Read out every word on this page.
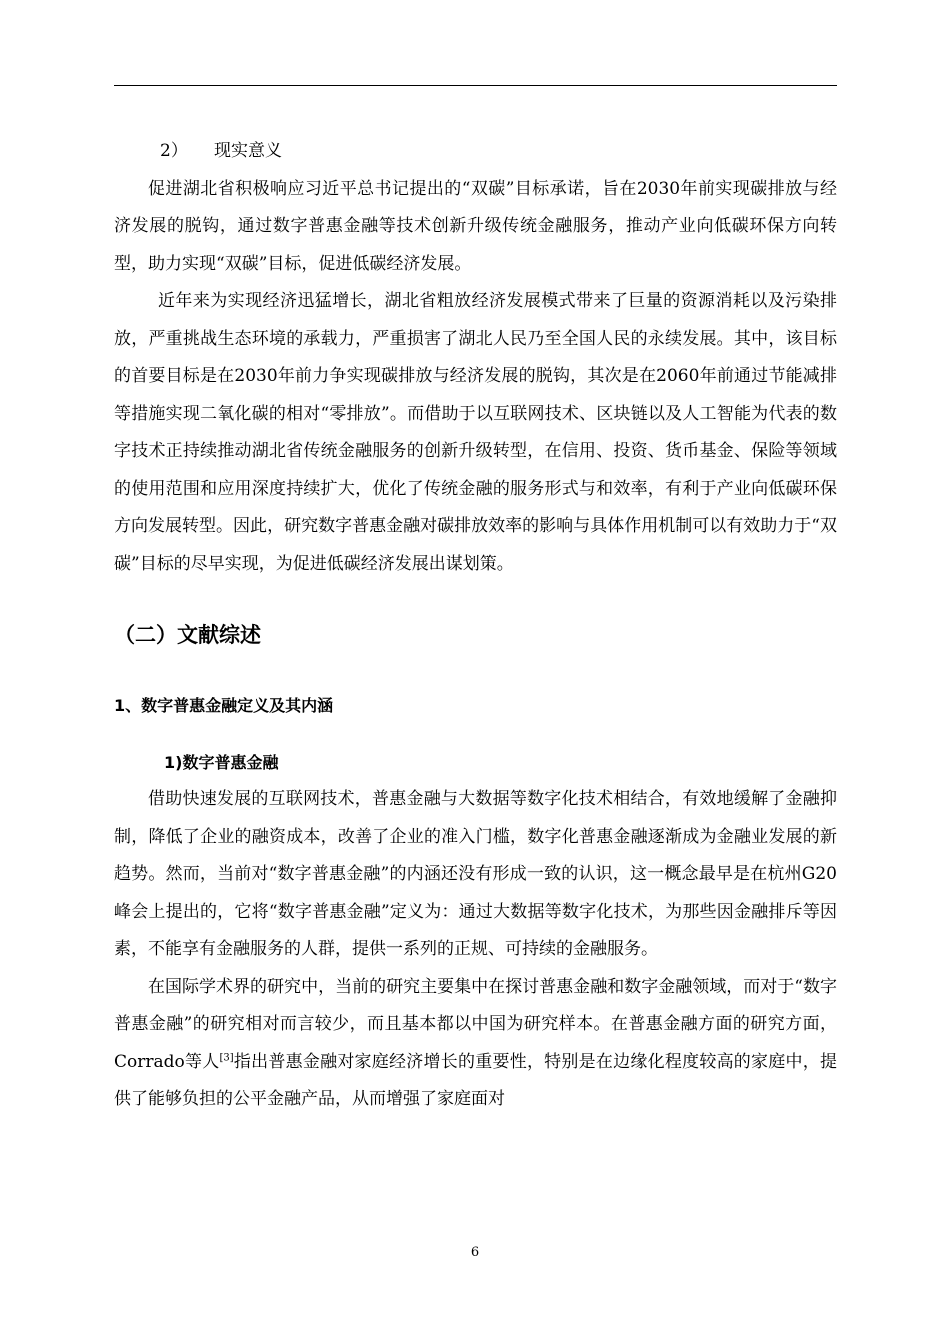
2） 现实意义

促进湖北省积极响应习近平总书记提出的“双碳”目标承诺，旨在2030年前实现碳排放与经济发展的脱钩，通过数字普惠金融等技术创新升级传统金融服务，推动产业向低碳环保方向转型，助力实现“双碳”目标，促进低碳经济发展。

近年来为实现经济迅猛增长，湖北省粗放经济发展模式带来了巨量的资源消耗以及污染排放，严重挑战生态环境的承载力，严重损害了湖北人民乃至全国人民的永续发展。其中，该目标的首要目标是在2030年前力争实现碳排放与经济发展的脱钩，其次是在2060年前通过节能减排等措施实现二氧化碳的相对“零排放”。而借助于以互联网技术、区块链以及人工智能为代表的数字技术正持续推动湖北省传统金融服务的创新升级转型，在信用、投资、货币基金、保险等领域的使用范围和应用深度持续扩大，优化了传统金融的服务形式与和效率，有利于产业向低碳环保方向发展转型。因此，研究数字普惠金融对碳排放效率的影响与具体作用机制可以有效助力于“双碳”目标的尽早实现，为促进低碳经济发展出谋划策。

（二）文献综述
1、数字普惠金融定义及其内涵
1)数字普惠金融

借助快速发展的互联网技术，普惠金融与大数据等数字化技术相结合，有效地缓解了金融抑制，降低了企业的融资成本，改善了企业的准入门槛，数字化普惠金融逐渐成为金融业发展的新趋势。然而，当前对“数字普惠金融”的内涵还没有形成一致的认识，这一概念最早是在杭州G20峰会上提出的，它将“数字普惠金融”定义为：通过大数据等数字化技术，为那些因金融排斥等因素，不能享有金融服务的人群，提供一系列的正规、可持续的金融服务。

在国际学术界的研究中，当前的研究主要集中在探讨普惠金融和数字金融领域，而对于“数字普惠金融”的研究相对而言较少，而且基本都以中国为研究样本。在普惠金融方面的研究方面，Corrado等人[3]指出普惠金融对家庭经济增长的重要性，特别是在边缘化程度较高的家庭中，提供了能够负担的公平金融产品，从而增强了家庭面对

6
